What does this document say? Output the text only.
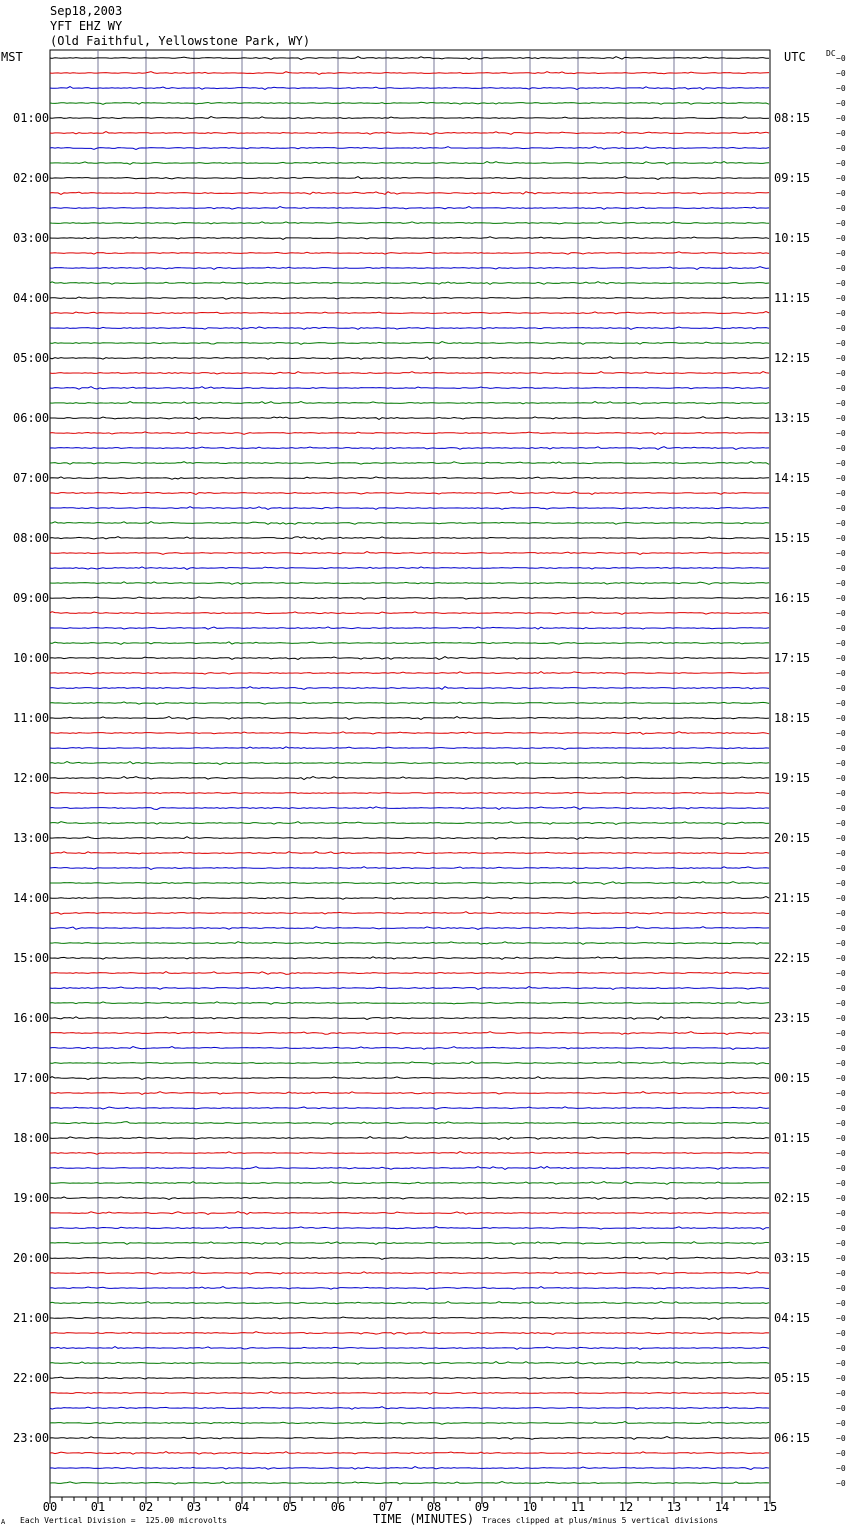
Sep18,2003
YFT EHZ WY
(Old Faithful, Yellowstone Park, WY)
MST	UTC	DC
−0
−0
−0
−0
−0
−0
−0
−0
−0
−0
−0
−0
−0
−0
−0
−0
−0
−0
−0
−0
−0
−0
−0
−0
−0
−0
−0
−0
−0
−0
−0
−0
−0
−0
−0
−0
−0
−0
−0
−0
−0
−0
−0
−0
−0
−0
−0
−0
−0
−0
−0
−0
−0
−0
−0
−0
−0
−0
−0
−0
−0
−0
−0
−0
−0
−0
−0
−0
−0
−0
−0
−0
−0
−0
−0
−0
−0
−0
−0
−0
−0
−0
−0
−0
−0
−0
−0
−0
−0
−0
−0
−0
−0
−0
−0
−0
01:00
02:00
03:00
04:00
05:00
06:00
07:00
08:00
09:00
10:00
11:00
12:00
13:00
14:00
15:00
16:00
17:00
18:00
19:00
20:00
21:00
22:00
23:00
08:15
09:15
10:15
11:15
12:15
13:15
14:15
15:15
16:15
17:15
18:15
19:15
20:15
21:15
22:15
23:15
00:15
01:15
02:15
03:15
04:15
05:15
06:15
00	01	02	03	04	05	06	07	08	09	10	11	12	13	14	15
TIME (MINUTES)
A Each Vertical Division =  125.00 microvolts	Traces clipped at plus/minus 5 vertical divisions
